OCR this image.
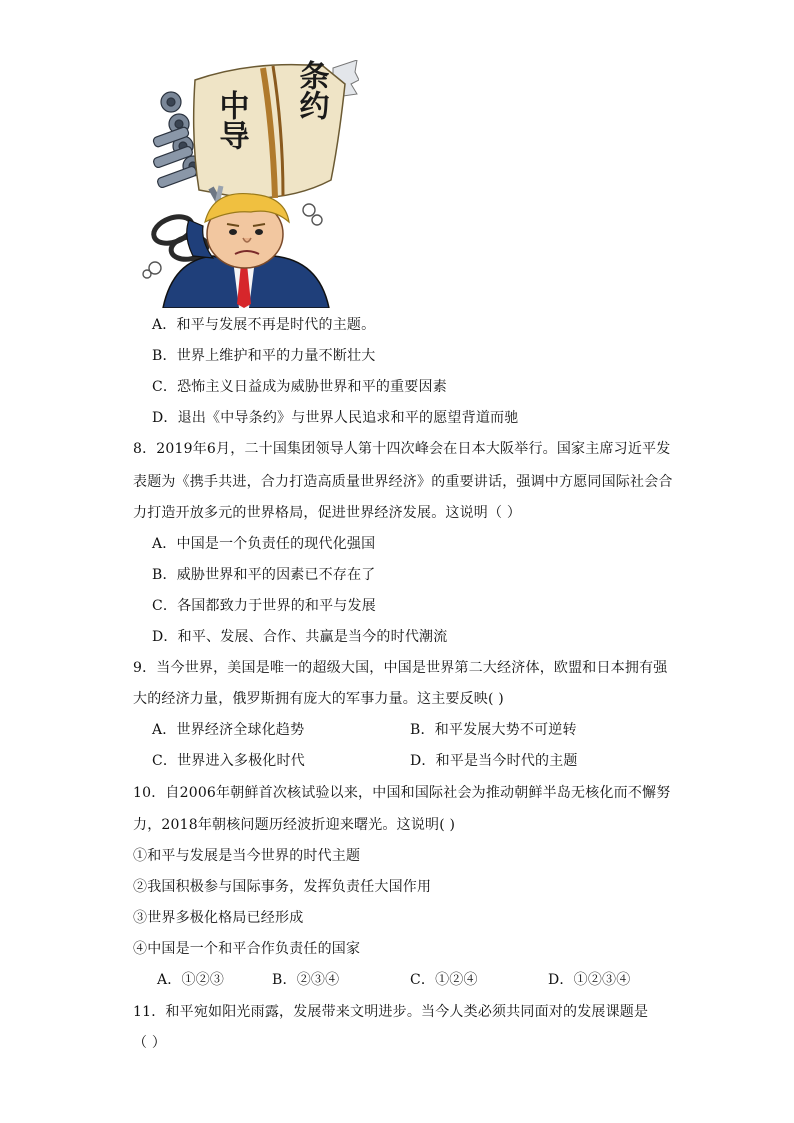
中导 条约
A．和平与发展不再是时代的主题。
B．世界上维护和平的力量不断壮大
C．恐怖主义日益成为威胁世界和平的重要因素
D．退出《中导条约》与世界人民追求和平的愿望背道而驰
8．2019年6月，二十国集团领导人第十四次峰会在日本大阪举行。国家主席习近平发
表题为《携手共进，合力打造高质量世界经济》的重要讲话，强调中方愿同国际社会合
力打造开放多元的世界格局，促进世界经济发展。这说明（ ）
A．中国是一个负责任的现代化强国
B．威胁世界和平的因素已不存在了
C．各国都致力于世界的和平与发展
D．和平、发展、合作、共赢是当今的时代潮流
9．当今世界，美国是唯一的超级大国，中国是世界第二大经济体，欧盟和日本拥有强
大的经济力量，俄罗斯拥有庞大的军事力量。这主要反映( )
A．世界经济全球化趋势	B．和平发展大势不可逆转
C．世界进入多极化时代	D．和平是当今时代的主题
10．自2006年朝鲜首次核试验以来，中国和国际社会为推动朝鲜半岛无核化而不懈努
力，2018年朝核问题历经波折迎来曙光。这说明( )
①和平与发展是当今世界的时代主题
②我国积极参与国际事务，发挥负责任大国作用
③世界多极化格局已经形成
④中国是一个和平合作负责任的国家
A．①②③	B．②③④	C．①②④	D．①②③④
11．和平宛如阳光雨露，发展带来文明进步。当今人类必须共同面对的发展课题是
（ ）
